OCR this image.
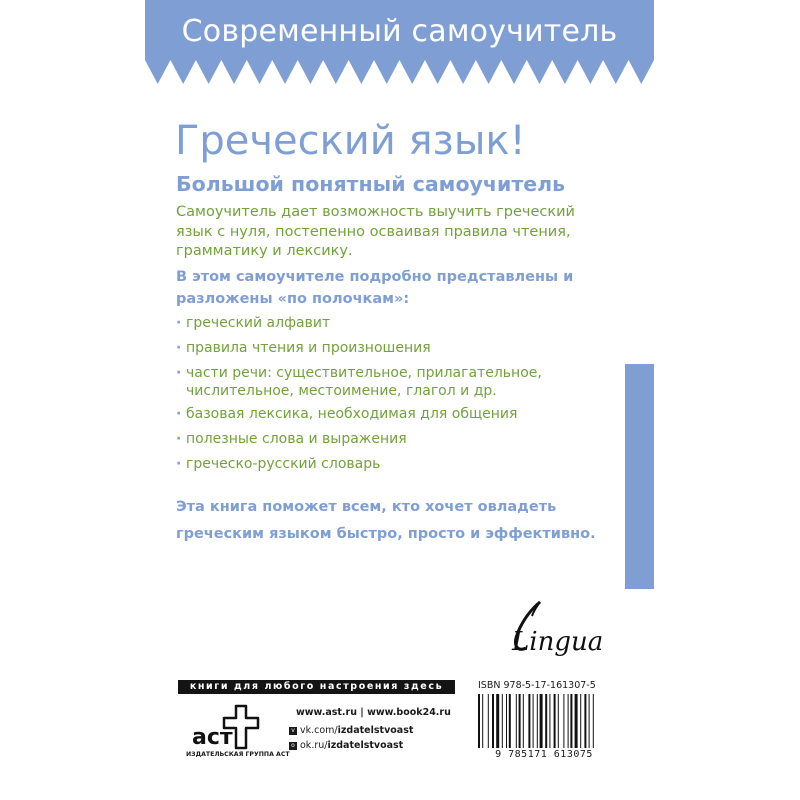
Современный самоучитель
Греческий язык!
Большой понятный самоучитель
Самоучитель дает возможность выучить греческий язык с нуля, постепенно осваивая правила чтения, грамматику и лексику.
В этом самоучителе подробно представлены и разложены «по полочкам»:
· греческий алфавит
· правила чтения и произношения
· части речи: существительное, прилагательное,
числительное, местоимение, глагол и др.
· базовая лексика, необходимая для общения
· полезные слова и выражения
· греческо-русский словарь
Эта книга поможет всем, кто хочет овладеть греческим языком быстро, просто и эффективно.
Lingua
книги для любого настроения здесь
аст
ИЗДАТЕЛЬСКАЯ ГРУППА АСТ
www.ast.ru | www.book24.ru
v vk.com/izdatelstvoast
o ok.ru/izdatelstvoast
ISBN 978-5-17-161307-5
9 785171 613075
